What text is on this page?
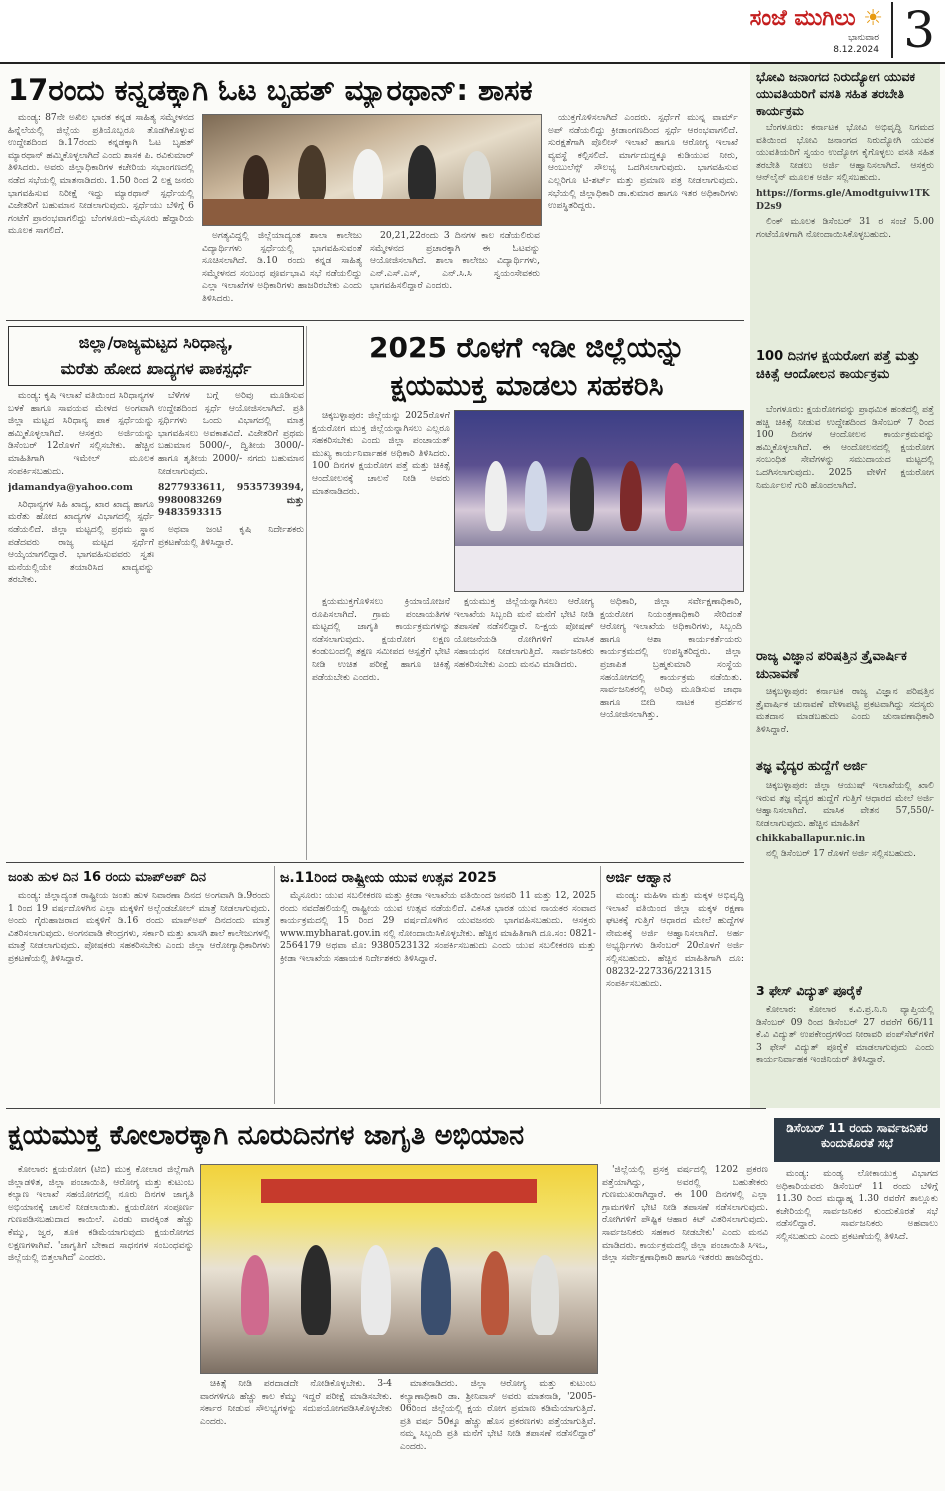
ಸಂಜೆ ಮುಗಿಲು ☀
ಭಾನುವಾರ
8.12.2024 3
17ರಂದು ಕನ್ನಡಕ್ಕಾಗಿ ಓಟ ಬೃಹತ್ ಮ್ಯಾರಥಾನ್: ಶಾಸಕ

ಮಂಡ್ಯ: 87ನೇ ಅಖಿಲ ಭಾರತ ಕನ್ನಡ ಸಾಹಿತ್ಯ ಸಮ್ಮೇಳನದ ಹಿನ್ನೆಲೆಯಲ್ಲಿ ಜಿಲ್ಲೆಯ ಪ್ರತಿಯೊಬ್ಬರೂ ತೊಡಗಿಕೊಳ್ಳುವ ಉದ್ದೇಶದಿಂದ ಡಿ.17ರಂದು ಕನ್ನಡಕ್ಕಾಗಿ ಓಟ ಬೃಹತ್ ಮ್ಯಾರಥಾನ್ ಹಮ್ಮಿಕೊಳ್ಳಲಾಗಿದೆ ಎಂದು ಶಾಸಕ ಪಿ. ರವಿಕುಮಾರ್ ತಿಳಿಸಿದರು. ಅವರು ಜಿಲ್ಲಾಧಿಕಾರಿಗಳ ಕಚೇರಿಯ ಸಭಾಂಗಣದಲ್ಲಿ ನಡೆದ ಸಭೆಯಲ್ಲಿ ಮಾತನಾಡಿದರು. 1.50 ರಿಂದ 2 ಲಕ್ಷ ಜನರು ಭಾಗವಹಿಸುವ ನಿರೀಕ್ಷೆ ಇದ್ದು ಮ್ಯಾರಥಾನ್ ಸ್ಪರ್ಧೆಯಲ್ಲಿ ವಿಜೇತರಿಗೆ ಬಹುಮಾನ ನೀಡಲಾಗುವುದು. ಸ್ಪರ್ಧೆಯು ಬೆಳಿಗ್ಗೆ 6 ಗಂಟೆಗೆ ಪ್ರಾರಂಭವಾಗಲಿದ್ದು ಬೆಂಗಳೂರು–ಮೈಸೂರು ಹೆದ್ದಾರಿಯ ಮೂಲಕ ಸಾಗಲಿದೆ.	ಅಗತ್ಯವಿದ್ದಲ್ಲಿ ಜಿಲ್ಲೆಯಾದ್ಯಂತ ಶಾಲಾ ಕಾಲೇಜು ವಿದ್ಯಾರ್ಥಿಗಳು ಸ್ಪರ್ಧೆಯಲ್ಲಿ ಭಾಗವಹಿಸುವಂತೆ ಸೂಚಿಸಲಾಗಿದೆ. ಡಿ.10 ರಂದು ಕನ್ನಡ ಸಾಹಿತ್ಯ ಸಮ್ಮೇಳನದ ಸಂಬಂಧ ಪೂರ್ವಭಾವಿ ಸಭೆ ನಡೆಯಲಿದ್ದು ಎಲ್ಲಾ ಇಲಾಖೆಗಳ ಅಧಿಕಾರಿಗಳು ಹಾಜರಿರಬೇಕು ಎಂದು ತಿಳಿಸಿದರು.

20,21,22ರಂದು 3 ದಿನಗಳ ಕಾಲ ನಡೆಯಲಿರುವ ಸಮ್ಮೇಳನದ ಪ್ರಚಾರಕ್ಕಾಗಿ ಈ ಓಟವನ್ನು ಆಯೋಜಿಸಲಾಗಿದೆ. ಶಾಲಾ ಕಾಲೇಜು ವಿದ್ಯಾರ್ಥಿಗಳು, ಎನ್.ಎಸ್.ಎಸ್, ಎನ್.ಸಿ.ಸಿ ಸ್ವಯಂಸೇವಕರು ಭಾಗವಹಿಸಲಿದ್ದಾರೆ ಎಂದರು.

ಯುಕ್ತಗೊಳಿಸಲಾಗಿದೆ ಎಂದರು. ಸ್ಪರ್ಧೆಗೆ ಮುನ್ನ ವಾರ್ಮ್ ಅಪ್ ನಡೆಯಲಿದ್ದು ಕ್ರೀಡಾಂಗಣದಿಂದ ಸ್ಪರ್ಧೆ ಆರಂಭವಾಗಲಿದೆ. ಸುರಕ್ಷತೆಗಾಗಿ ಪೊಲೀಸ್ ಇಲಾಖೆ ಹಾಗೂ ಆರೋಗ್ಯ ಇಲಾಖೆ ವ್ಯವಸ್ಥೆ ಕಲ್ಪಿಸಲಿದೆ. ಮಾರ್ಗದುದ್ದಕ್ಕೂ ಕುಡಿಯುವ ನೀರು, ಆಂಬುಲೆನ್ಸ್ ಸೌಲಭ್ಯ ಒದಗಿಸಲಾಗುವುದು. ಭಾಗವಹಿಸುವ ಎಲ್ಲರಿಗೂ ಟಿ-ಶರ್ಟ್ ಮತ್ತು ಪ್ರಮಾಣ ಪತ್ರ ನೀಡಲಾಗುವುದು. ಸಭೆಯಲ್ಲಿ ಜಿಲ್ಲಾಧಿಕಾರಿ ಡಾ.ಕುಮಾರ ಹಾಗೂ ಇತರ ಅಧಿಕಾರಿಗಳು ಉಪಸ್ಥಿತರಿದ್ದರು.

ಜಿಲ್ಲಾ/ರಾಜ್ಯಮಟ್ಟದ ಸಿರಿಧಾನ್ಯ,
ಮರೆತು ಹೋದ ಖಾದ್ಯಗಳ ಪಾಕಸ್ಪರ್ಧೆ

ಮಂಡ್ಯ: ಕೃಷಿ ಇಲಾಖೆ ವತಿಯಿಂದ ಸಿರಿಧಾನ್ಯಗಳ ಬಳಕೆ ಹಾಗೂ ಸಾವಯವ ಮೇಳದ ಅಂಗವಾಗಿ ಜಿಲ್ಲಾ ಮಟ್ಟದ ಸಿರಿಧಾನ್ಯ ಪಾಕ ಸ್ಪರ್ಧೆಯನ್ನು ಹಮ್ಮಿಕೊಳ್ಳಲಾಗಿದೆ. ಆಸಕ್ತರು ಅರ್ಜಿಯನ್ನು ಡಿಸೆಂಬರ್ 12ರೊಳಗೆ ಸಲ್ಲಿಸಬೇಕು. ಹೆಚ್ಚಿನ ಮಾಹಿತಿಗಾಗಿ ಇಮೇಲ್ ಮೂಲಕ ಸಂಪರ್ಕಿಸಬಹುದು.

jdamandya@yahoo.com

ಸಿರಿಧಾನ್ಯಗಳ ಸಿಹಿ ಖಾದ್ಯ, ಖಾರ ಖಾದ್ಯ ಹಾಗೂ ಮರೆತು ಹೋದ ಖಾದ್ಯಗಳ ವಿಭಾಗದಲ್ಲಿ ಸ್ಪರ್ಧೆ ನಡೆಯಲಿದೆ. ಜಿಲ್ಲಾ ಮಟ್ಟದಲ್ಲಿ ಪ್ರಥಮ ಸ್ಥಾನ ಪಡೆದವರು ರಾಜ್ಯ ಮಟ್ಟದ ಸ್ಪರ್ಧೆಗೆ ಆಯ್ಕೆಯಾಗಲಿದ್ದಾರೆ. ಭಾಗವಹಿಸುವವರು ಸ್ವತಃ ಮನೆಯಲ್ಲಿಯೇ ತಯಾರಿಸಿದ ಖಾದ್ಯವನ್ನು ತರಬೇಕು.

ಬೆಳೆಗಳ ಬಗ್ಗೆ ಅರಿವು ಮೂಡಿಸುವ ಉದ್ದೇಶದಿಂದ ಸ್ಪರ್ಧೆ ಆಯೋಜಿಸಲಾಗಿದೆ. ಪ್ರತಿ ಸ್ಪರ್ಧಿಗಳು ಒಂದು ವಿಭಾಗದಲ್ಲಿ ಮಾತ್ರ ಭಾಗವಹಿಸಲು ಅವಕಾಶವಿದೆ. ವಿಜೇತರಿಗೆ ಪ್ರಥಮ ಬಹುಮಾನ 5000/-, ದ್ವಿತೀಯ 3000/- ಹಾಗೂ ತೃತೀಯ 2000/- ನಗದು ಬಹುಮಾನ ನೀಡಲಾಗುವುದು.

8277933611, 9535739394, 9980083269 ಮತ್ತು 9483593315

ಅಥವಾ ಜಂಟಿ ಕೃಷಿ ನಿರ್ದೇಶಕರು ಪ್ರಕಟಣೆಯಲ್ಲಿ ತಿಳಿಸಿದ್ದಾರೆ.

2025 ರೊಳಗೆ ಇಡೀ ಜಿಲ್ಲೆಯನ್ನು
ಕ್ಷಯಮುಕ್ತ ಮಾಡಲು ಸಹಕರಿಸಿ

ಚಿಕ್ಕಬಳ್ಳಾಪುರ: ಜಿಲ್ಲೆಯನ್ನು 2025ರೊಳಗೆ ಕ್ಷಯರೋಗ ಮುಕ್ತ ಜಿಲ್ಲೆಯನ್ನಾಗಿಸಲು ಎಲ್ಲರೂ ಸಹಕರಿಸಬೇಕು ಎಂದು ಜಿಲ್ಲಾ ಪಂಚಾಯತ್ ಮುಖ್ಯ ಕಾರ್ಯನಿರ್ವಾಹಕ ಅಧಿಕಾರಿ ತಿಳಿಸಿದರು. 100 ದಿನಗಳ ಕ್ಷಯರೋಗ ಪತ್ತೆ ಮತ್ತು ಚಿಕಿತ್ಸೆ ಆಂದೋಲನಕ್ಕೆ ಚಾಲನೆ ನೀಡಿ ಅವರು ಮಾತನಾಡಿದರು.

ಕ್ಷಯಮುಕ್ತಗೊಳಿಸಲು ಕ್ರಿಯಾಯೋಜನೆ ರೂಪಿಸಲಾಗಿದೆ. ಗ್ರಾಮ ಪಂಚಾಯತಿಗಳ ಮಟ್ಟದಲ್ಲಿ ಜಾಗೃತಿ ಕಾರ್ಯಕ್ರಮಗಳನ್ನು ನಡೆಸಲಾಗುವುದು. ಕ್ಷಯರೋಗ ಲಕ್ಷಣ ಕಂಡುಬಂದಲ್ಲಿ ತಕ್ಷಣ ಸಮೀಪದ ಆಸ್ಪತ್ರೆಗೆ ಭೇಟಿ ನೀಡಿ ಉಚಿತ ಪರೀಕ್ಷೆ ಹಾಗೂ ಚಿಕಿತ್ಸೆ ಪಡೆಯಬೇಕು ಎಂದರು.

ಕ್ಷಯಮುಕ್ತ ಜಿಲ್ಲೆಯನ್ನಾಗಿಸಲು ಆರೋಗ್ಯ ಇಲಾಖೆಯ ಸಿಬ್ಬಂದಿ ಮನೆ ಮನೆಗೆ ಭೇಟಿ ನೀಡಿ ತಪಾಸಣೆ ನಡೆಸಲಿದ್ದಾರೆ. ನಿ-ಕ್ಷಯ ಪೋಷಣ್ ಯೋಜನೆಯಡಿ ರೋಗಿಗಳಿಗೆ ಮಾಸಿಕ ಸಹಾಯಧನ ನೀಡಲಾಗುತ್ತಿದೆ. ಸಾರ್ವಜನಿಕರು ಸಹಕರಿಸಬೇಕು ಎಂದು ಮನವಿ ಮಾಡಿದರು.

ಅಧಿಕಾರಿ, ಜಿಲ್ಲಾ ಸರ್ವೇಕ್ಷಣಾಧಿಕಾರಿ, ಕ್ಷಯರೋಗ ನಿಯಂತ್ರಣಾಧಿಕಾರಿ ಸೇರಿದಂತೆ ಆರೋಗ್ಯ ಇಲಾಖೆಯ ಅಧಿಕಾರಿಗಳು, ಸಿಬ್ಬಂದಿ ಹಾಗೂ ಆಶಾ ಕಾರ್ಯಕರ್ತೆಯರು ಕಾರ್ಯಕ್ರಮದಲ್ಲಿ ಉಪಸ್ಥಿತರಿದ್ದರು. ಜಿಲ್ಲಾ ಪ್ರಜಾಪಿತ ಬ್ರಹ್ಮಕುಮಾರಿ ಸಂಸ್ಥೆಯ ಸಹಯೋಗದಲ್ಲಿ ಕಾರ್ಯಕ್ರಮ ನಡೆಯಿತು. ಸಾರ್ವಜನಿಕರಲ್ಲಿ ಅರಿವು ಮೂಡಿಸುವ ಜಾಥಾ ಹಾಗೂ ಬೀದಿ ನಾಟಕ ಪ್ರದರ್ಶನ ಆಯೋಜಿಸಲಾಗಿತ್ತು.

ಜಂತು ಹುಳ ದಿನ 16 ರಂದು ಮಾಪ್‌ಅಪ್ ದಿನ

ಮಂಡ್ಯ: ಜಿಲ್ಲಾದ್ಯಂತ ರಾಷ್ಟ್ರೀಯ ಜಂತು ಹುಳ ನಿವಾರಣಾ ದಿನದ ಅಂಗವಾಗಿ ಡಿ.9ರಂದು 1 ರಿಂದ 19 ವರ್ಷದೊಳಗಿನ ಎಲ್ಲಾ ಮಕ್ಕಳಿಗೆ ಅಲ್ಬೆಂಡಜೋಲ್ ಮಾತ್ರೆ ನೀಡಲಾಗುವುದು. ಅಂದು ಗೈರುಹಾಜರಾದ ಮಕ್ಕಳಿಗೆ ಡಿ.16 ರಂದು ಮಾಪ್‌ಅಪ್ ದಿನದಂದು ಮಾತ್ರೆ ವಿತರಿಸಲಾಗುವುದು. ಅಂಗನವಾಡಿ ಕೇಂದ್ರಗಳು, ಸರ್ಕಾರಿ ಮತ್ತು ಖಾಸಗಿ ಶಾಲೆ ಕಾಲೇಜುಗಳಲ್ಲಿ ಮಾತ್ರೆ ನೀಡಲಾಗುವುದು. ಪೋಷಕರು ಸಹಕರಿಸಬೇಕು ಎಂದು ಜಿಲ್ಲಾ ಆರೋಗ್ಯಾಧಿಕಾರಿಗಳು ಪ್ರಕಟಣೆಯಲ್ಲಿ ತಿಳಿಸಿದ್ದಾರೆ.

ಜ.11ರಿಂದ ರಾಷ್ಟ್ರೀಯ ಯುವ ಉತ್ಸವ 2025

ಮೈಸೂರು: ಯುವ ಸಬಲೀಕರಣ ಮತ್ತು ಕ್ರೀಡಾ ಇಲಾಖೆಯ ವತಿಯಿಂದ ಜನವರಿ 11 ಮತ್ತು 12, 2025 ರಂದು ನವದೆಹಲಿಯಲ್ಲಿ ರಾಷ್ಟ್ರೀಯ ಯುವ ಉತ್ಸವ ನಡೆಯಲಿದೆ. ವಿಕಸಿತ ಭಾರತ ಯುವ ನಾಯಕರ ಸಂವಾದ ಕಾರ್ಯಕ್ರಮದಲ್ಲಿ 15 ರಿಂದ 29 ವರ್ಷದೊಳಗಿನ ಯುವಜನರು ಭಾಗವಹಿಸಬಹುದು. ಆಸಕ್ತರು www.mybharat.gov.in ನಲ್ಲಿ ನೋಂದಾಯಿಸಿಕೊಳ್ಳಬೇಕು. ಹೆಚ್ಚಿನ ಮಾಹಿತಿಗಾಗಿ ದೂ.ಸಂ: 0821-2564179 ಅಥವಾ ಮೊ: 9380523132 ಸಂಪರ್ಕಿಸಬಹುದು ಎಂದು ಯುವ ಸಬಲೀಕರಣ ಮತ್ತು ಕ್ರೀಡಾ ಇಲಾಖೆಯ ಸಹಾಯಕ ನಿರ್ದೇಶಕರು ತಿಳಿಸಿದ್ದಾರೆ.

ಅರ್ಜಿ ಆಹ್ವಾನ

ಮಂಡ್ಯ: ಮಹಿಳಾ ಮತ್ತು ಮಕ್ಕಳ ಅಭಿವೃದ್ಧಿ ಇಲಾಖೆ ವತಿಯಿಂದ ಜಿಲ್ಲಾ ಮಕ್ಕಳ ರಕ್ಷಣಾ ಘಟಕಕ್ಕೆ ಗುತ್ತಿಗೆ ಆಧಾರದ ಮೇಲೆ ಹುದ್ದೆಗಳ ನೇಮಕಕ್ಕೆ ಅರ್ಜಿ ಆಹ್ವಾನಿಸಲಾಗಿದೆ. ಅರ್ಹ ಅಭ್ಯರ್ಥಿಗಳು ಡಿಸೆಂಬರ್ 20ರೊಳಗೆ ಅರ್ಜಿ ಸಲ್ಲಿಸಬಹುದು. ಹೆಚ್ಚಿನ ಮಾಹಿತಿಗಾಗಿ ದೂ: 08232-227336/221315 ಸಂಪರ್ಕಿಸಬಹುದು.

ಕ್ಷಯಮುಕ್ತ ಕೋಲಾರಕ್ಕಾಗಿ ನೂರುದಿನಗಳ ಜಾಗೃತಿ ಅಭಿಯಾನ

ಕೋಲಾರ: ಕ್ಷಯರೋಗ (ಟಿಬಿ) ಮುಕ್ತ ಕೋಲಾರ ಜಿಲ್ಲೆಗಾಗಿ ಜಿಲ್ಲಾಡಳಿತ, ಜಿಲ್ಲಾ ಪಂಚಾಯಿತಿ, ಆರೋಗ್ಯ ಮತ್ತು ಕುಟುಂಬ ಕಲ್ಯಾಣ ಇಲಾಖೆ ಸಹಯೋಗದಲ್ಲಿ ನೂರು ದಿನಗಳ ಜಾಗೃತಿ ಅಭಿಯಾನಕ್ಕೆ ಚಾಲನೆ ನೀಡಲಾಯಿತು. ಕ್ಷಯರೋಗ ಸಂಪೂರ್ಣ ಗುಣಪಡಿಸಬಹುದಾದ ಕಾಯಿಲೆ. ಎರಡು ವಾರಕ್ಕಿಂತ ಹೆಚ್ಚು ಕೆಮ್ಮು, ಜ್ವರ, ತೂಕ ಕಡಿಮೆಯಾಗುವುದು ಕ್ಷಯರೋಗದ ಲಕ್ಷಣಗಳಾಗಿವೆ. 'ಜಾಗೃತಿಗೆ ಬೇಕಾದ ಸಾಧನಗಳ ಸಂಬಂಧವನ್ನು ಜಿಲ್ಲೆಯಲ್ಲಿ ಬಿತ್ತಲಾಗಿದೆ' ಎಂದರು.

ಚಿಕಿತ್ಸೆ ನೀಡಿ ಪರದಾಡದೇ ನೋಡಿಕೊಳ್ಳಬೇಕು. 3-4 ವಾರಗಳಿಗೂ ಹೆಚ್ಚು ಕಾಲ ಕೆಮ್ಮು ಇದ್ದರೆ ಪರೀಕ್ಷೆ ಮಾಡಿಸಬೇಕು. ಸರ್ಕಾರ ನೀಡುವ ಸೌಲಭ್ಯಗಳನ್ನು ಸದುಪಯೋಗಪಡಿಸಿಕೊಳ್ಳಬೇಕು ಎಂದರು.

ಮಾತನಾಡಿದರು. ಜಿಲ್ಲಾ ಆರೋಗ್ಯ ಮತ್ತು ಕುಟುಂಬ ಕಲ್ಯಾಣಾಧಿಕಾರಿ ಡಾ. ಶ್ರೀನಿವಾಸ್ ಅವರು ಮಾತನಾಡಿ, '2005-06ರಿಂದ ಜಿಲ್ಲೆಯಲ್ಲಿ ಕ್ಷಯ ರೋಗ ಪ್ರಮಾಣ ಕಡಿಮೆಯಾಗುತ್ತಿದೆ. ಪ್ರತಿ ವರ್ಷ 50ಕ್ಕೂ ಹೆಚ್ಚು ಹೊಸ ಪ್ರಕರಣಗಳು ಪತ್ತೆಯಾಗುತ್ತಿವೆ. ನಮ್ಮ ಸಿಬ್ಬಂದಿ ಪ್ರತಿ ಮನೆಗೆ ಭೇಟಿ ನೀಡಿ ತಪಾಸಣೆ ನಡೆಸಲಿದ್ದಾರೆ' ಎಂದರು.

'ಜಿಲ್ಲೆಯಲ್ಲಿ ಪ್ರಸಕ್ತ ವರ್ಷದಲ್ಲಿ 1202 ಪ್ರಕರಣ ಪತ್ತೆಯಾಗಿದ್ದು, ಅವರಲ್ಲಿ ಬಹುತೇಕರು ಗುಣಮುಖರಾಗಿದ್ದಾರೆ. ಈ 100 ದಿನಗಳಲ್ಲಿ ಎಲ್ಲಾ ಗ್ರಾಮಗಳಿಗೆ ಭೇಟಿ ನೀಡಿ ತಪಾಸಣೆ ನಡೆಸಲಾಗುವುದು. ರೋಗಿಗಳಿಗೆ ಪೌಷ್ಟಿಕ ಆಹಾರ ಕಿಟ್ ವಿತರಿಸಲಾಗುವುದು. ಸಾರ್ವಜನಿಕರು ಸಹಕಾರ ನೀಡಬೇಕು' ಎಂದು ಮನವಿ ಮಾಡಿದರು. ಕಾರ್ಯಕ್ರಮದಲ್ಲಿ ಜಿಲ್ಲಾ ಪಂಚಾಯಿತಿ ಸಿಇಒ, ಜಿಲ್ಲಾ ಸರ್ವೇಕ್ಷಣಾಧಿಕಾರಿ ಹಾಗೂ ಇತರರು ಹಾಜರಿದ್ದರು.

ಭೋವಿ ಜನಾಂಗದ ನಿರುದ್ಯೋಗ ಯುವಕ ಯುವತಿಯರಿಗೆ ವಸತಿ ಸಹಿತ ತರಬೇತಿ ಕಾರ್ಯಕ್ರಮ

ಬೆಂಗಳೂರು: ಕರ್ನಾಟಕ ಭೋವಿ ಅಭಿವೃದ್ಧಿ ನಿಗಮದ ವತಿಯಿಂದ ಭೋವಿ ಜನಾಂಗದ ನಿರುದ್ಯೋಗಿ ಯುವಕ ಯುವತಿಯರಿಗೆ ಸ್ವಯಂ ಉದ್ಯೋಗ ಕೈಗೊಳ್ಳಲು ವಸತಿ ಸಹಿತ ತರಬೇತಿ ನೀಡಲು ಅರ್ಜಿ ಆಹ್ವಾನಿಸಲಾಗಿದೆ. ಆಸಕ್ತರು ಆನ್‌ಲೈನ್ ಮೂಲಕ ಅರ್ಜಿ ಸಲ್ಲಿಸಬಹುದು.

https://forms.gle/Amodtguivw1TKD2s9

ಲಿಂಕ್ ಮೂಲಕ ಡಿಸೆಂಬರ್ 31 ರ ಸಂಜೆ 5.00 ಗಂಟೆಯೊಳಗಾಗಿ ನೋಂದಾಯಿಸಿಕೊಳ್ಳಬಹುದು.

100 ದಿನಗಳ ಕ್ಷಯರೋಗ ಪತ್ತೆ ಮತ್ತು ಚಿಕಿತ್ಸೆ ಆಂದೋಲನ ಕಾರ್ಯಕ್ರಮ

ಬೆಂಗಳೂರು: ಕ್ಷಯರೋಗವನ್ನು ಪ್ರಾಥಮಿಕ ಹಂತದಲ್ಲಿ ಪತ್ತೆ ಹಚ್ಚಿ ಚಿಕಿತ್ಸೆ ನೀಡುವ ಉದ್ದೇಶದಿಂದ ಡಿಸೆಂಬರ್ 7 ರಿಂದ 100 ದಿನಗಳ ಆಂದೋಲನ ಕಾರ್ಯಕ್ರಮವನ್ನು ಹಮ್ಮಿಕೊಳ್ಳಲಾಗಿದೆ. ಈ ಆಂದೋಲನದಲ್ಲಿ ಕ್ಷಯರೋಗ ಸಂಬಂಧಿತ ಸೇವೆಗಳನ್ನು ಸಮುದಾಯದ ಮಟ್ಟದಲ್ಲಿ ಒದಗಿಸಲಾಗುವುದು. 2025 ವೇಳೆಗೆ ಕ್ಷಯರೋಗ ನಿರ್ಮೂಲನೆ ಗುರಿ ಹೊಂದಲಾಗಿದೆ.

ರಾಜ್ಯ ವಿಜ್ಞಾನ ಪರಿಷತ್ತಿನ ತ್ರೈವಾರ್ಷಿಕ ಚುನಾವಣೆ

ಚಿಕ್ಕಬಳ್ಳಾಪುರ: ಕರ್ನಾಟಕ ರಾಜ್ಯ ವಿಜ್ಞಾನ ಪರಿಷತ್ತಿನ ತ್ರೈವಾರ್ಷಿಕ ಚುನಾವಣೆ ವೇಳಾಪಟ್ಟಿ ಪ್ರಕಟವಾಗಿದ್ದು ಸದಸ್ಯರು ಮತದಾನ ಮಾಡಬಹುದು ಎಂದು ಚುನಾವಣಾಧಿಕಾರಿ ತಿಳಿಸಿದ್ದಾರೆ.

ತಜ್ಞ ವೈದ್ಯರ ಹುದ್ದೆಗೆ ಅರ್ಜಿ

ಚಿಕ್ಕಬಳ್ಳಾಪುರ: ಜಿಲ್ಲಾ ಆಯುಷ್ ಇಲಾಖೆಯಲ್ಲಿ ಖಾಲಿ ಇರುವ ತಜ್ಞ ವೈದ್ಯರ ಹುದ್ದೆಗೆ ಗುತ್ತಿಗೆ ಆಧಾರದ ಮೇಲೆ ಅರ್ಜಿ ಆಹ್ವಾನಿಸಲಾಗಿದೆ. ಮಾಸಿಕ ವೇತನ 57,550/- ನೀಡಲಾಗುವುದು. ಹೆಚ್ಚಿನ ಮಾಹಿತಿಗೆ

chikkaballapur.nic.in

ನಲ್ಲಿ ಡಿಸೆಂಬರ್ 17 ರೊಳಗೆ ಅರ್ಜಿ ಸಲ್ಲಿಸಬಹುದು.

3 ಫೇಸ್ ವಿದ್ಯುತ್ ಪೂರೈಕೆ

ಕೋಲಾರ: ಕೋಲಾರ ಕ.ವಿ.ಪ್ರ.ನಿ.ನಿ ವ್ಯಾಪ್ತಿಯಲ್ಲಿ ಡಿಸೆಂಬರ್ 09 ರಿಂದ ಡಿಸೆಂಬರ್ 27 ರವರೆಗೆ 66/11 ಕೆ.ವಿ ವಿದ್ಯುತ್ ಉಪಕೇಂದ್ರಗಳಿಂದ ನೀರಾವರಿ ಪಂಪ್‌ಸೆಟ್‌ಗಳಿಗೆ 3 ಫೇಸ್ ವಿದ್ಯುತ್ ಪೂರೈಕೆ ಮಾಡಲಾಗುವುದು ಎಂದು ಕಾರ್ಯನಿರ್ವಾಹಕ ಇಂಜಿನಿಯರ್ ತಿಳಿಸಿದ್ದಾರೆ.

ಡಿಸೆಂಬರ್ 11 ರಂದು ಸಾರ್ವಜನಿಕರ ಕುಂದುಕೊರತೆ ಸಭೆ

ಮಂಡ್ಯ: ಮಂಡ್ಯ ಲೋಕಾಯುಕ್ತ ವಿಭಾಗದ ಅಧಿಕಾರಿಯವರು ಡಿಸೆಂಬರ್ 11 ರಂದು ಬೆಳಿಗ್ಗೆ 11.30 ರಿಂದ ಮಧ್ಯಾಹ್ನ 1.30 ರವರೆಗೆ ತಾಲ್ಲೂಕು ಕಚೇರಿಯಲ್ಲಿ ಸಾರ್ವಜನಿಕರ ಕುಂದುಕೊರತೆ ಸಭೆ ನಡೆಸಲಿದ್ದಾರೆ. ಸಾರ್ವಜನಿಕರು ಅಹವಾಲು ಸಲ್ಲಿಸಬಹುದು ಎಂದು ಪ್ರಕಟಣೆಯಲ್ಲಿ ತಿಳಿಸಿದೆ.
